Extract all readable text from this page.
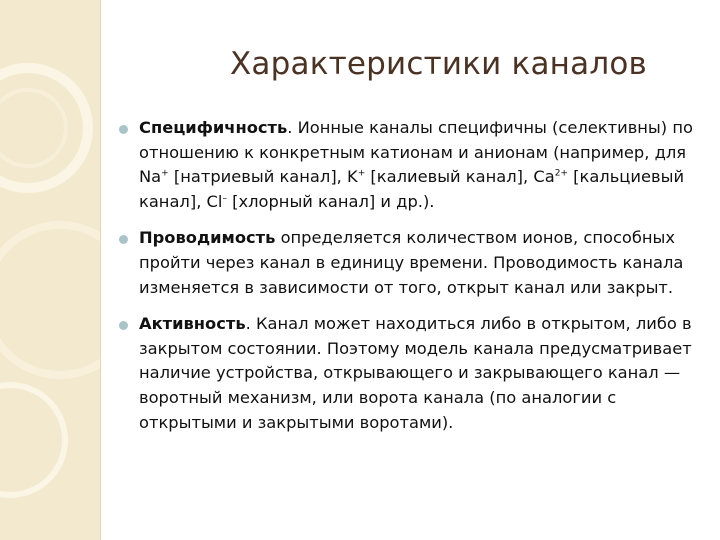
Характеристики каналов
Специфичность. Ионные каналы специфичны (селективны) по отношению к конкретным катионам и анионам (например, для Na+ [натриевый канал], K+ [калиевый канал], $Ca^{2+}$ [кальциевый канал], Cl– [хлорный канал] и др.).
Проводимость определяется количеством ионов, способных пройти через канал в единицу времени. Проводимость канала изменяется в зависимости от того, открыт канал или закрыт.
Активность. Канал может находиться либо в открытом, либо в закрытом состоянии. Поэтому модель канала предусматривает наличие устройства, открывающего и закрывающего канал — воротный механизм, или ворота канала (по аналогии с открытыми и закрытыми воротами).
